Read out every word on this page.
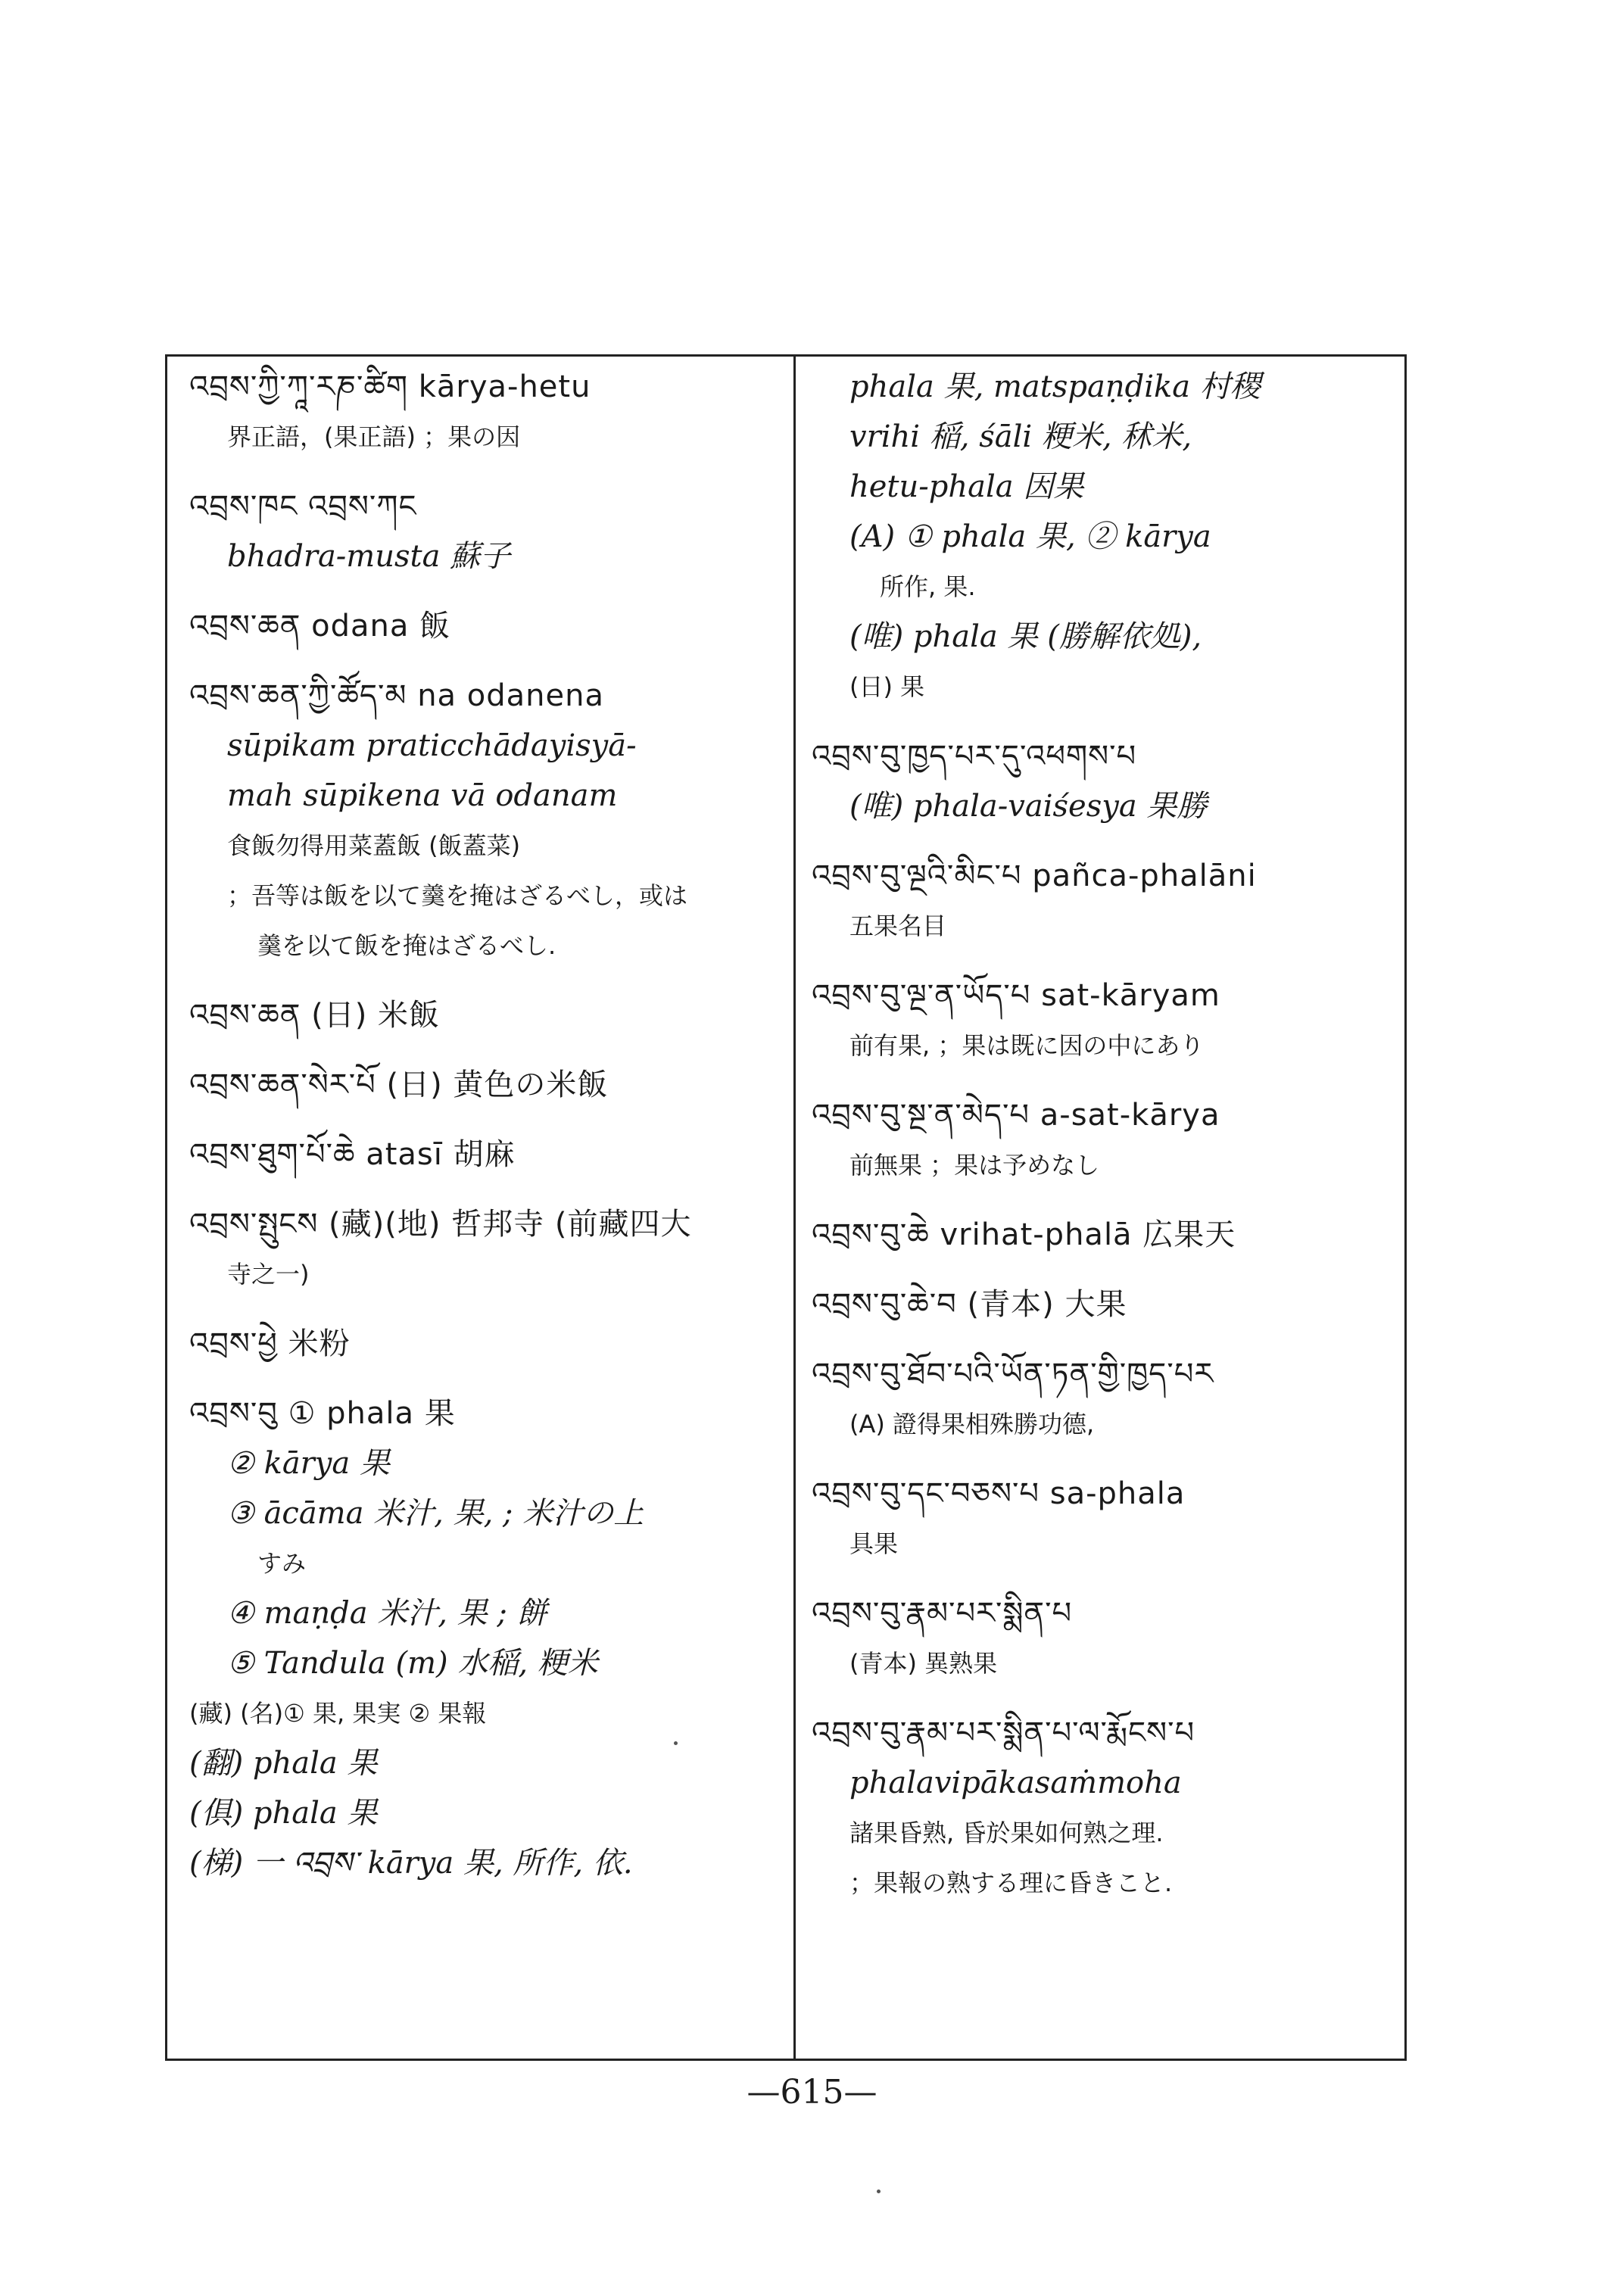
འབྲས་ཀྱི་ཀཱ་རཎ་ཚིག kārya-hetu
界正語，(果正語) ；果の因
འབྲས་ཁང འབྲས་ཀང
bhadra-musta 蘇子
འབྲས་ཆན odana 飯
འབྲས་ཆན་ཀྱི་ཚོད་མ na odanena
sūpikam praticchādayisyā-
mah sūpikena vā odanam
食飯勿得用菜蓋飯 (飯蓋菜)
；吾等は飯を以て羹を掩はざるべし，或は
羹を以て飯を掩はざるべし.
འབྲས་ཆན (日) 米飯
འབྲས་ཆན་སེར་པོ (日) 黄色の米飯
འབྲས་ཐུག་པོ་ཆེ atasī 胡麻
འབྲས་སྤུངས (藏)(地) 哲邦寺 (前藏四大
寺之一)
འབྲས་ཕྱེ 米粉
འབྲས་བུ ① phala 果
② kārya 果
③ ācāma 米汁, 果, ; 米汁の上
すみ
④ maṇḍa 米汁, 果 ; 餅
⑤ Tandula (m) 水稲, 粳米
(藏) (名)① 果, 果実 ② 果報
(翻) phala 果
(俱) phala 果
(梯) 一 འབྲས་ kārya 果, 所作, 依.
phala 果, matspaṇḍika 村稷
vrihi 稲, śāli 粳米, 秫米,
hetu-phala 因果
(A) ① phala 果, ② kārya
所作, 果.
(唯) phala 果 (勝解依処),
(日) 果
འབྲས་བུ་ཁྱད་པར་དུ་འཕགས་པ
(唯) phala-vaiśesya 果勝
འབྲས་བུ་ལྔའི་མིང་པ pañca-phalāni
五果名目
འབྲས་བུ་ལྔ་ན་ཡོད་པ sat-kāryam
前有果, ；果は既に因の中にあり
འབྲས་བུ་སྔ་ན་མེད་པ a-sat-kārya
前無果 ；果は予めなし
འབྲས་བུ་ཆེ vrihat-phalā 広果天
འབྲས་བུ་ཆེ་བ (青本) 大果
འབྲས་བུ་ཐོབ་པའི་ཡོན་ཏན་གྱི་ཁྱད་པར
(A) 證得果相殊勝功德,
འབྲས་བུ་དང་བཅས་པ sa-phala
具果
འབྲས་བུ་རྣམ་པར་སྨིན་པ
(青本) 異熟果
འབྲས་བུ་རྣམ་པར་སྨིན་པ་ལ་རྨོངས་པ
phalavipākasaṁmoha
諸果昏熟, 昏於果如何熟之理.
；果報の熟する理に昏きこと.
—615—
